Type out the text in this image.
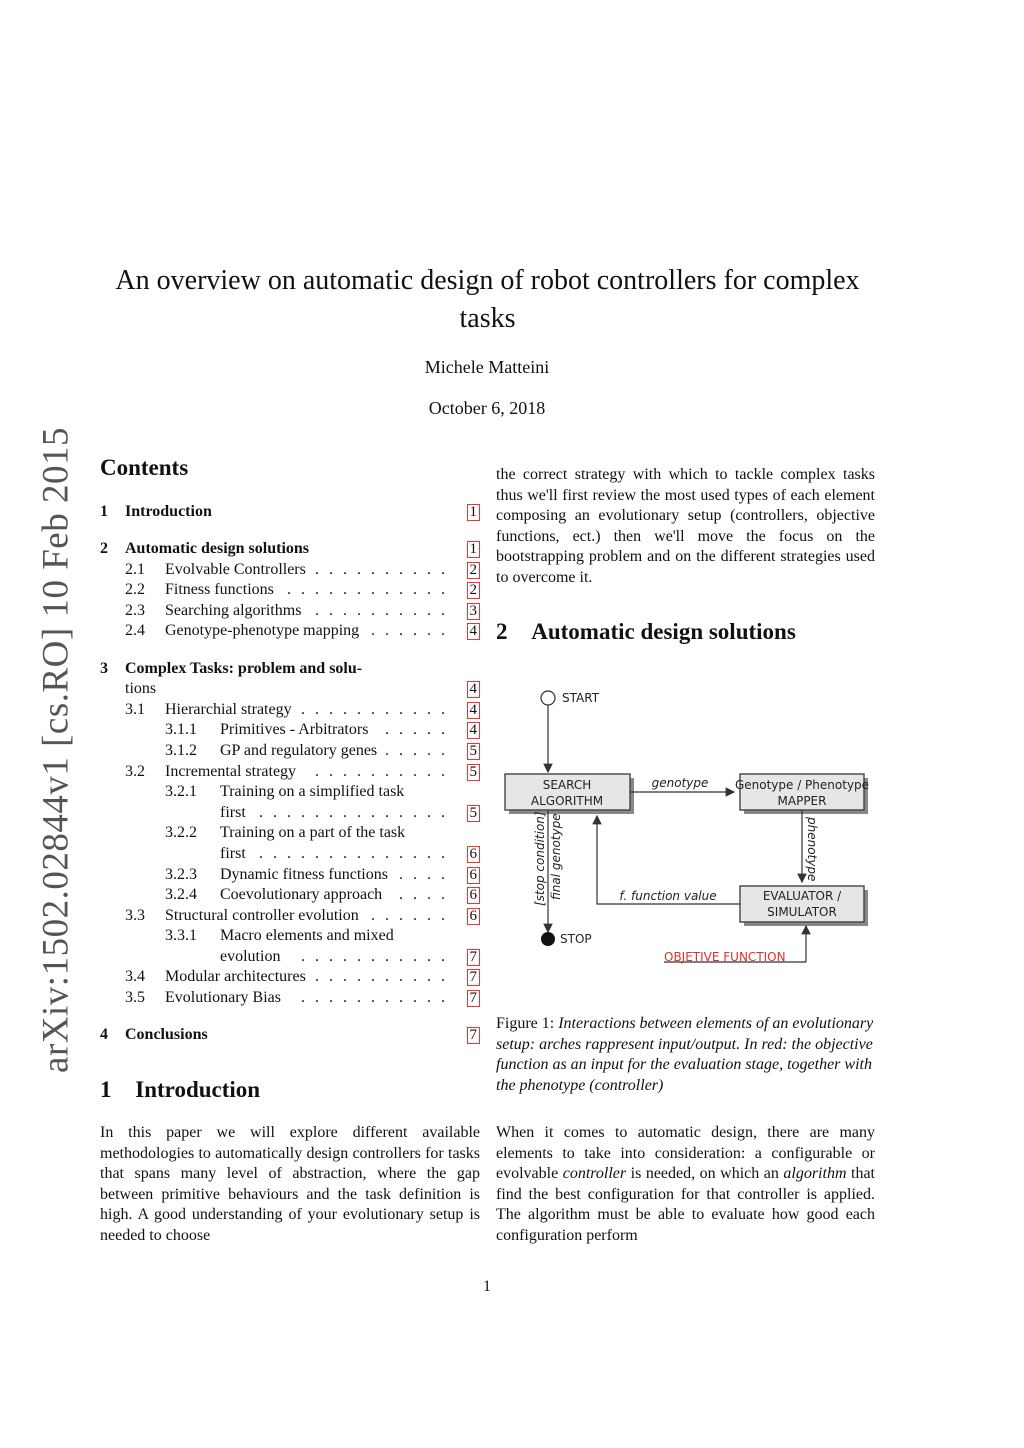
An overview on automatic design of robot controllers for complex
tasks
Michele Matteini
October 6, 2018
arXiv:1502.02844v1 [cs.RO] 10 Feb 2015 Contents
1 Introduction	1
2 Automatic design solutions	1
2.1 Evolvable Controllers . . . . . . . . . . 2
2.2 Fitness functions . . . . . . . . . . . . 2
2.3 Searching algorithms . . . . . . . . . . 3
2.4 Genotype-phenotype mapping . . . . . . 4
3 Complex Tasks: problem and solu-
tions	4
3.1 Hierarchial strategy . . . . . . . . . . . 4
3.1.1 Primitives - Arbitrators . . . . . 4
3.1.2 GP and regulatory genes . . . . . 5
3.2 Incremental strategy . . . . . . . . . . 5
3.2.1 Training on a simplified task
first . . . . . . . . . . . . . . 5
3.2.2 Training on a part of the task
first . . . . . . . . . . . . . . 6
3.2.3 Dynamic fitness functions . . . . 6
3.2.4 Coevolutionary approach . . . . 6
3.3 Structural controller evolution . . . . . . 6
3.3.1 Macro elements and mixed
evolution . . . . . . . . . . . 7
3.4 Modular architectures . . . . . . . . . . 7
3.5 Evolutionary Bias . . . . . . . . . . . 7
4 Conclusions	7
1 Introduction
In this paper we will explore different available methodologies to automatically design controllers for tasks that spans many level of abstraction, where the gap between primitive behaviours and the task definition is high. A good understanding of your evolutionary setup is needed to choose
the correct strategy with which to tackle complex tasks thus we'll first review the most used types of each element composing an evolutionary setup (controllers, objective functions, ect.) then we'll move the focus on the bootstrapping problem and on the different strategies used to overcome it.
2 Automatic design solutions
START
SEARCH
ALGORITHM
genotype Genotype / Phenotype
MAPPER
phenotype
EVALUATOR /
SIMULATOR
f. function value
[stop condition] final genotype
STOP
OBJETIVE FUNCTION
Figure 1: Interactions between elements of an evolutionary setup: arches rappresent input/output. In red: the objective function as an input for the evaluation stage, together with the phenotype (controller)
When it comes to automatic design, there are many elements to take into consideration: a configurable or evolvable controller is needed, on which an algorithm that find the best configuration for that controller is applied. The algorithm must be able to evaluate how good each configuration perform
1
